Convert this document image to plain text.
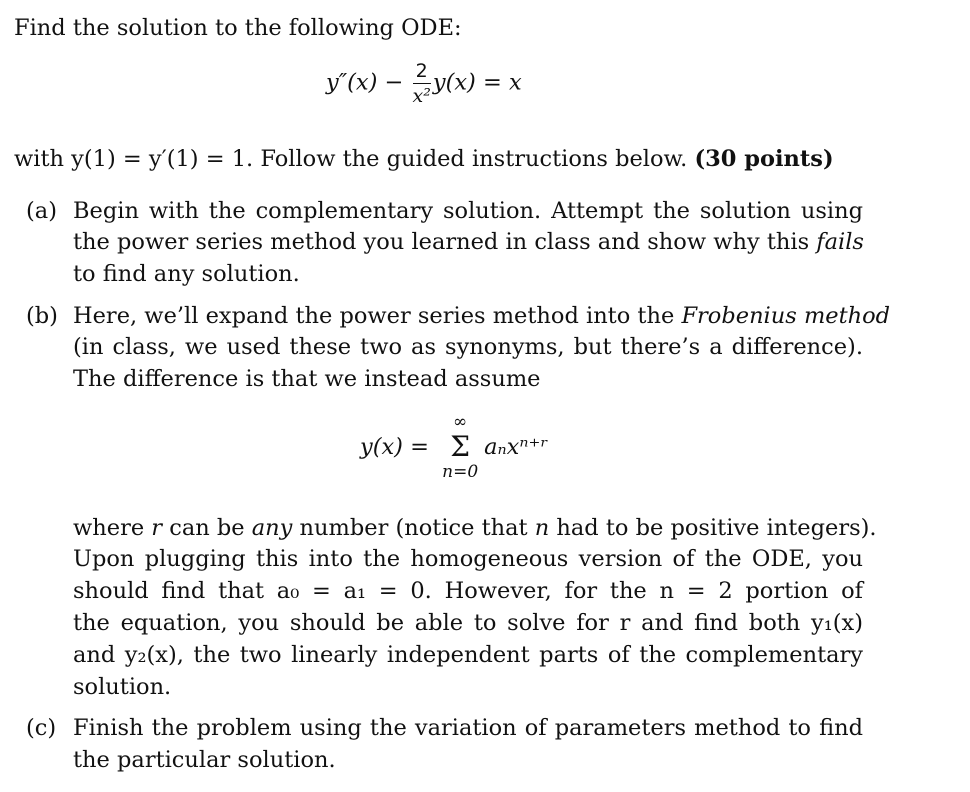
Find the solution to the following ODE:
$y''(x) - \frac{2}{\text{x²}} y(x) = x$
with y(1) = y′(1) = 1. Follow the guided instructions below. (30 points)
(a) Begin with the complementary solution. Attempt the solution using
the power series method you learned in class and show why this fails
to find any solution.
(b) Here, we’ll expand the power series method into the Frobenius method
(in class, we used these two as synonyms, but there’s a difference).
The difference is that we instead assume
y(x) =
∞
Σ
n=0
aₙxⁿ⁺ʳ
where r can be any number (notice that n had to be positive integers).
Upon plugging this into the homogeneous version of the ODE, you
should find that a₀ = a₁ = 0. However, for the n = 2 portion of
the equation, you should be able to solve for r and find both y₁(x)
and y₂(x), the two linearly independent parts of the complementary
solution.
(c) Finish the problem using the variation of parameters method to find
the particular solution.
